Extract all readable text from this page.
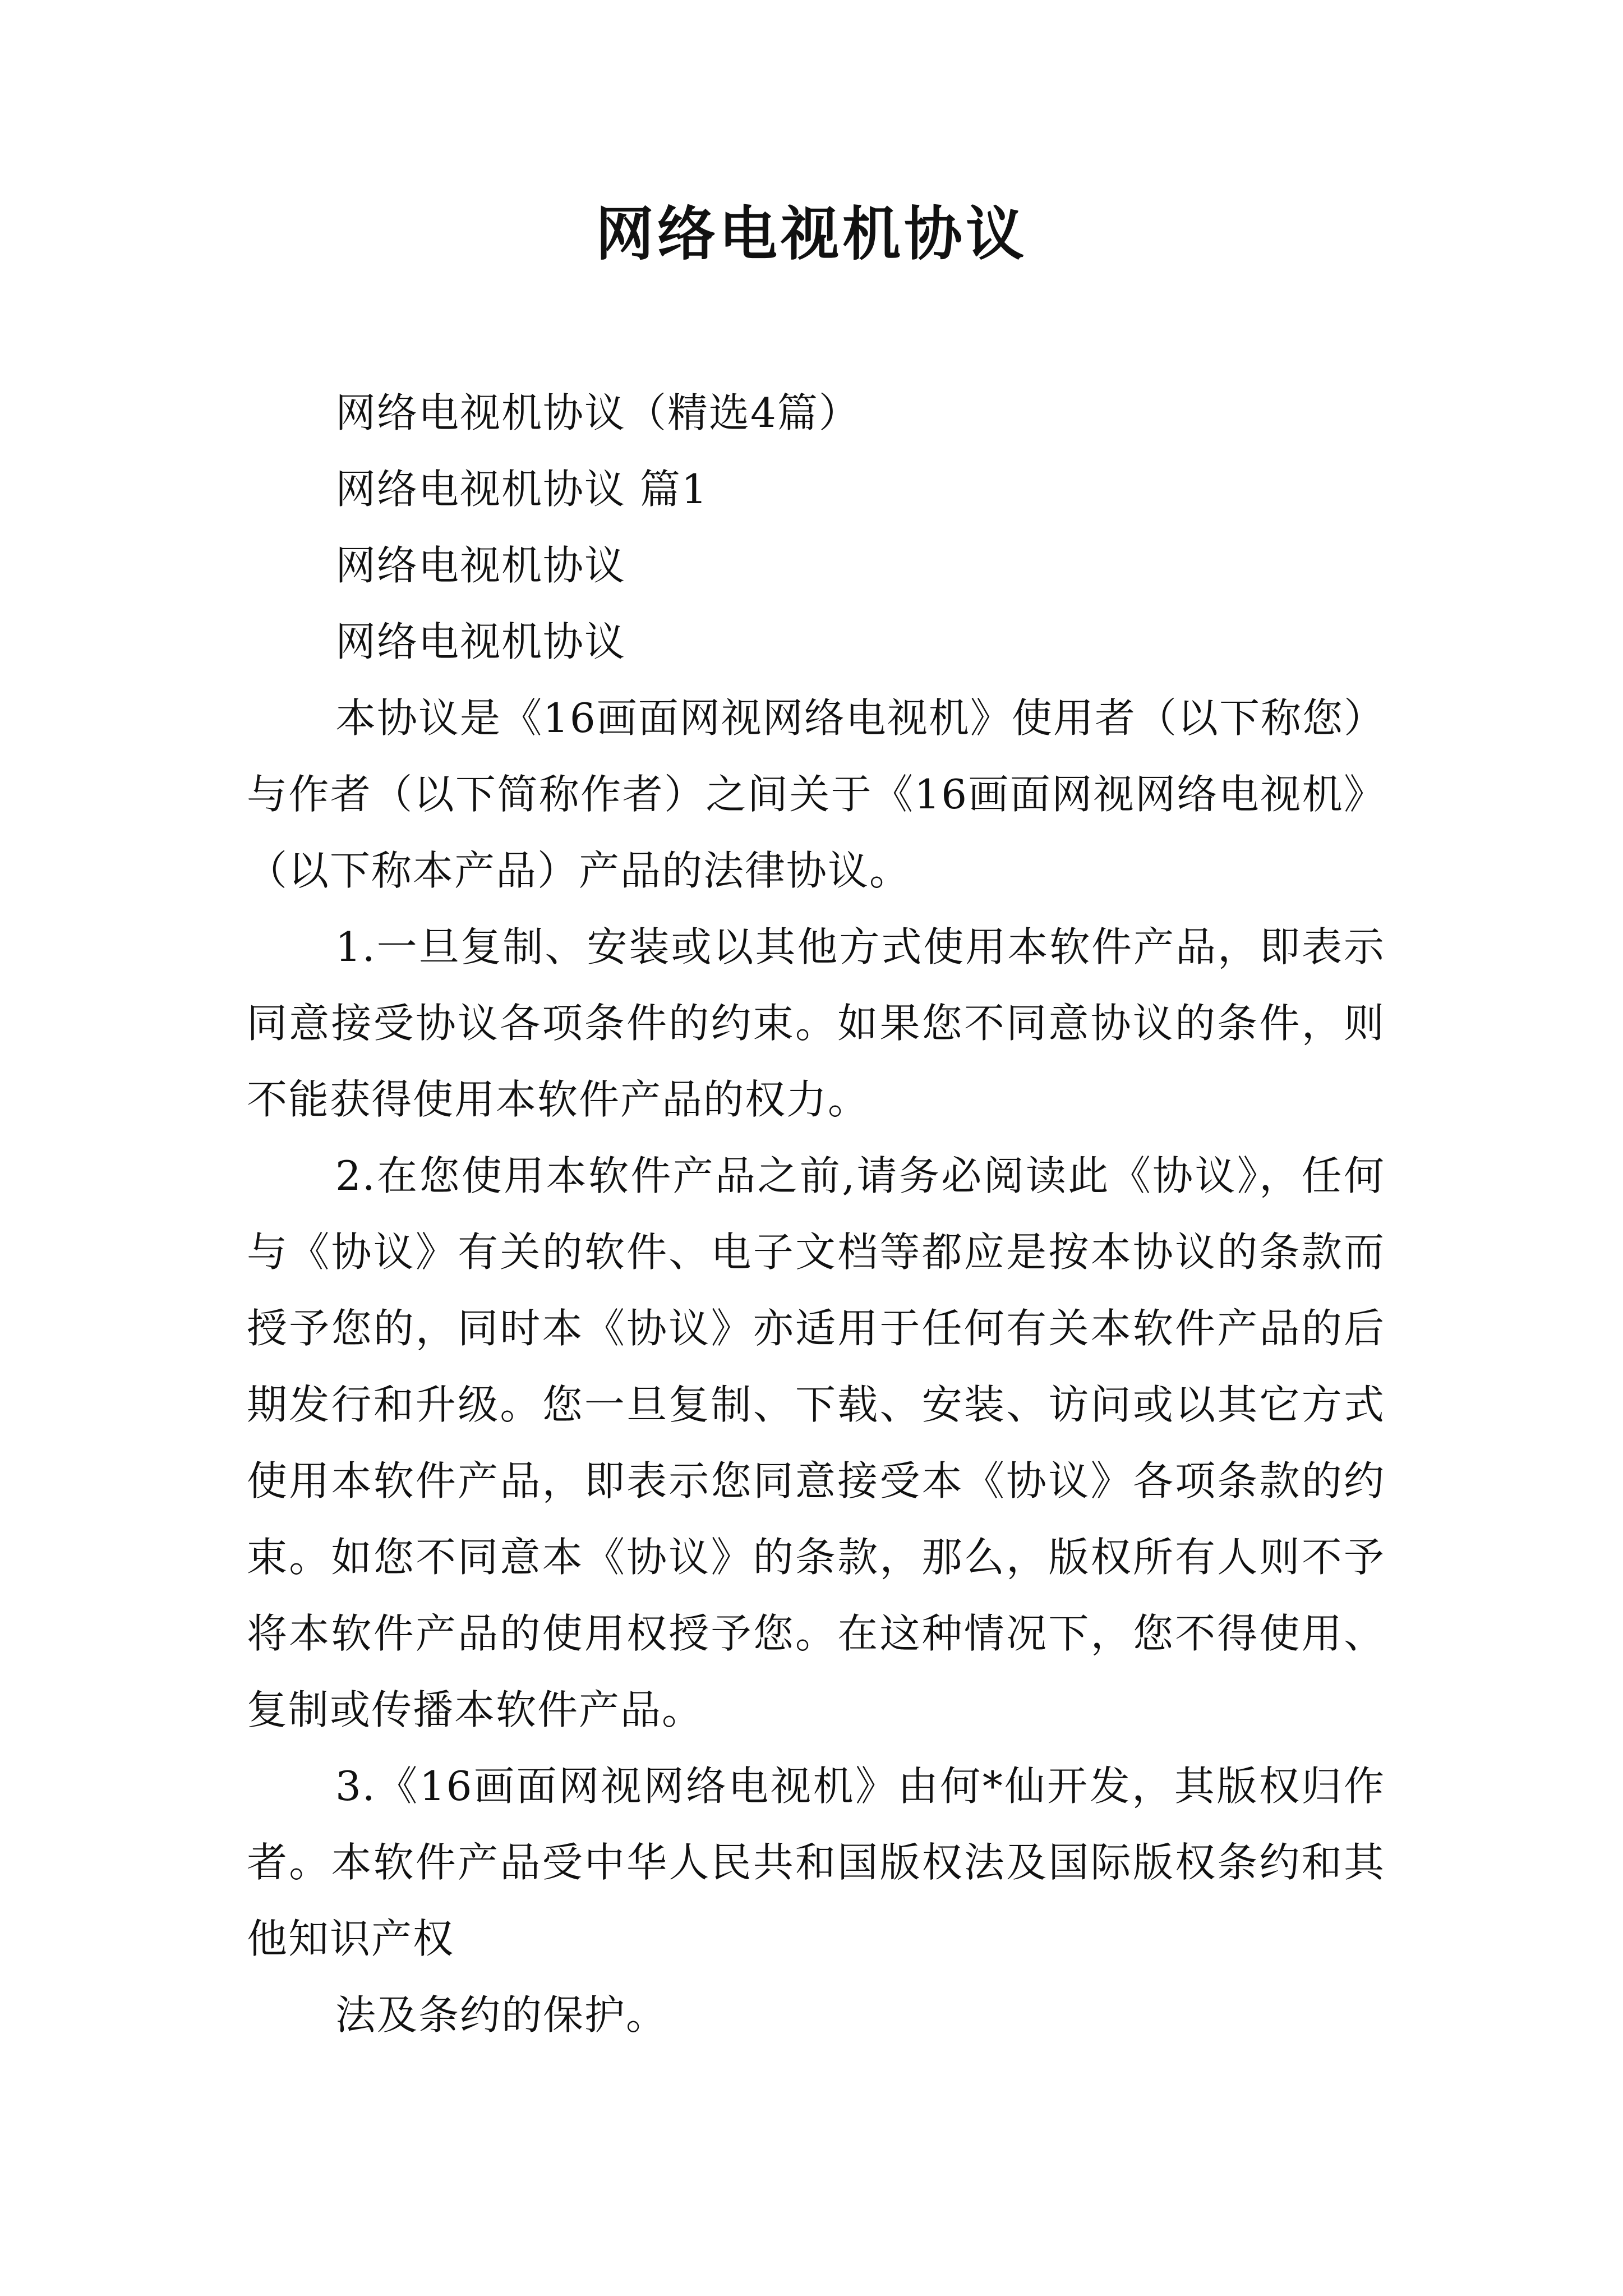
网络电视机协议

网络电视机协议（精选4篇）

网络电视机协议 篇1

网络电视机协议

网络电视机协议

本协议是《16画面网视网络电视机》使用者（以下称您）与作者（以下简称作者）之间关于《16画面网视网络电视机》（以下称本产品）产品的法律协议。

1.一旦复制、安装或以其他方式使用本软件产品，即表示同意接受协议各项条件的约束。如果您不同意协议的条件，则不能获得使用本软件产品的权力。

2.在您使用本软件产品之前,请务必阅读此《协议》，任何与《协议》有关的软件、电子文档等都应是按本协议的条款而授予您的，同时本《协议》亦适用于任何有关本软件产品的后期发行和升级。您一旦复制、下载、安装、访问或以其它方式使用本软件产品，即表示您同意接受本《协议》各项条款的约束。如您不同意本《协议》的条款，那么，版权所有人则不予将本软件产品的使用权授予您。在这种情况下，您不得使用、复制或传播本软件产品。

3.《16画面网视网络电视机》由何*仙开发，其版权归作者。本软件产品受中华人民共和国版权法及国际版权条约和其他知识产权

法及条约的保护。
